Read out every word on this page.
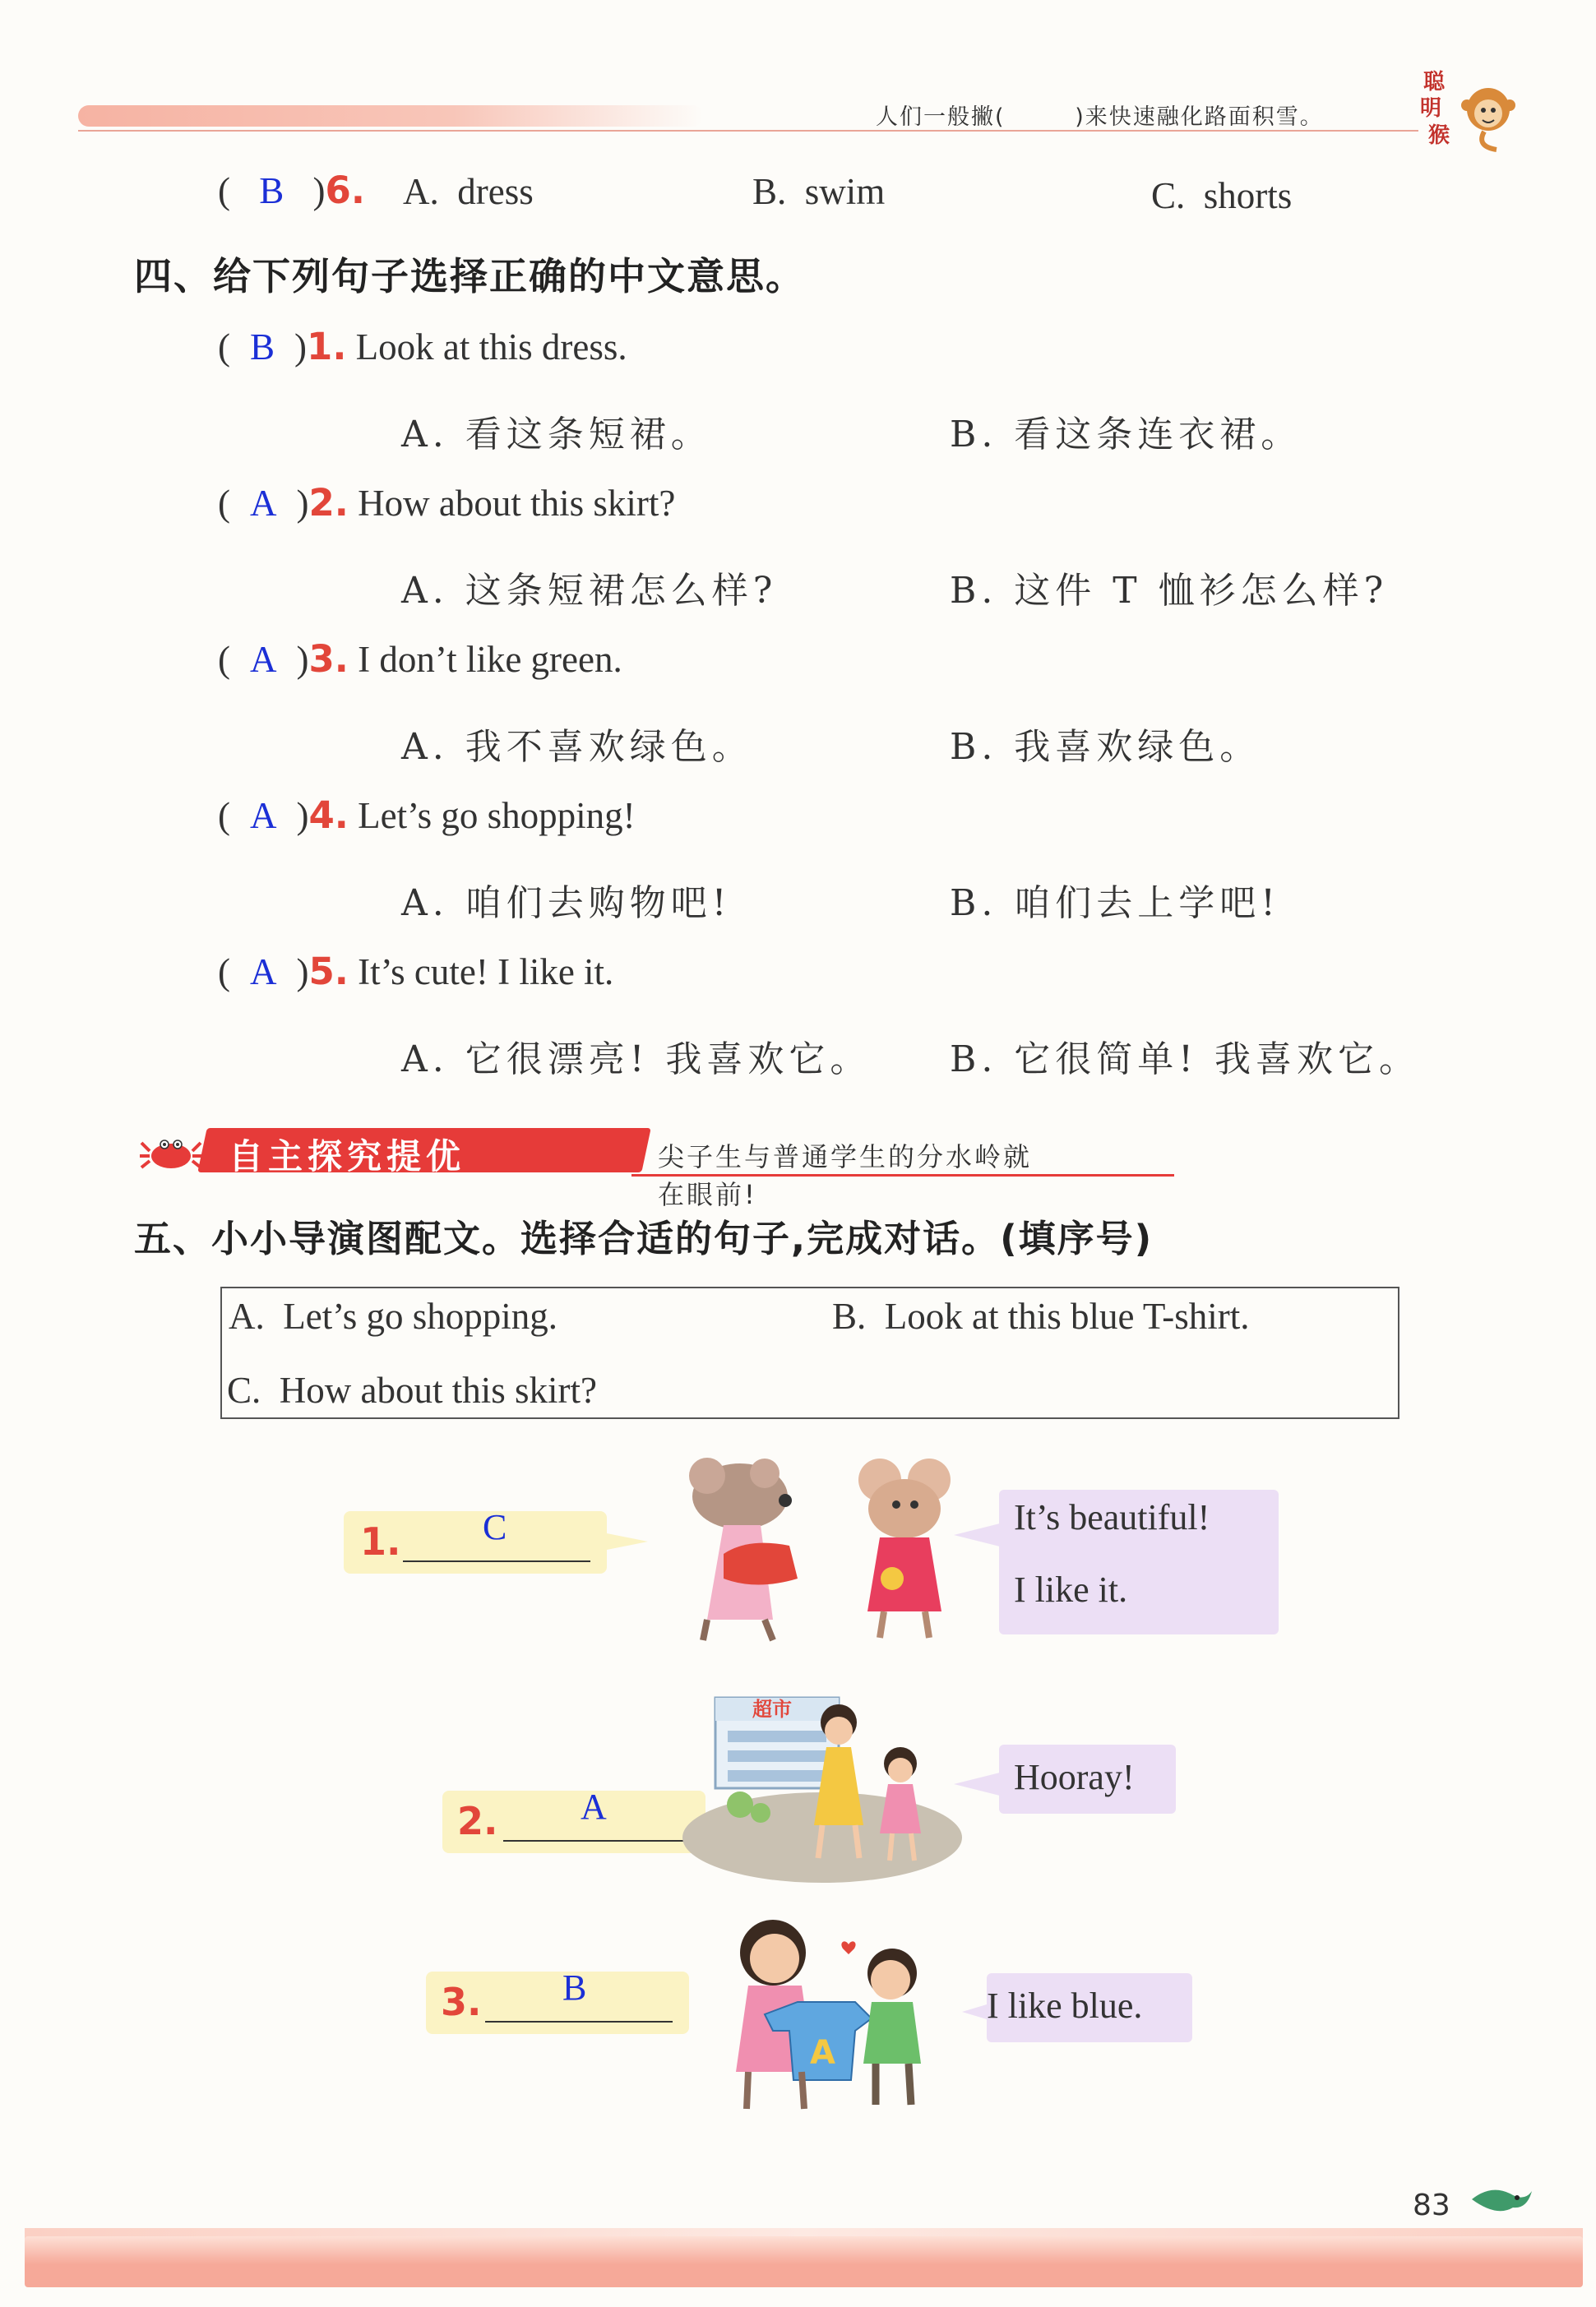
人们一般撇(        )来快速融化路面积雪。
聪
明
猴
( B )6. A.  dress	B.  swim	C.  shorts
四、给下列句子选择正确的中文意思。
( B )1. Look at this dress.
A. 看这条短裙。	B. 看这条连衣裙。
( A )2. How about this skirt?
A. 这条短裙怎么样?	B. 这件 T 恤衫怎么样?
( A )3. I don’t like green.
A. 我不喜欢绿色。	B. 我喜欢绿色。
( A )4. Let’s go shopping!
A. 咱们去购物吧!	B. 咱们去上学吧!
( A )5. It’s cute! I like it.
A. 它很漂亮! 我喜欢它。 B. 它很简单! 我喜欢它。
自主探究提优	尖子生与普通学生的分水岭就在眼前!
五、小小导演图配文。选择合适的句子,完成对话。(填序号)
A.  Let’s go shopping.	B.  Look at this blue T-shirt.
C.  How about this skirt?
1. C

	It’s beautiful!

I like it.

2. A
超市

Hooray!

3. B
A

I like blue.

83
